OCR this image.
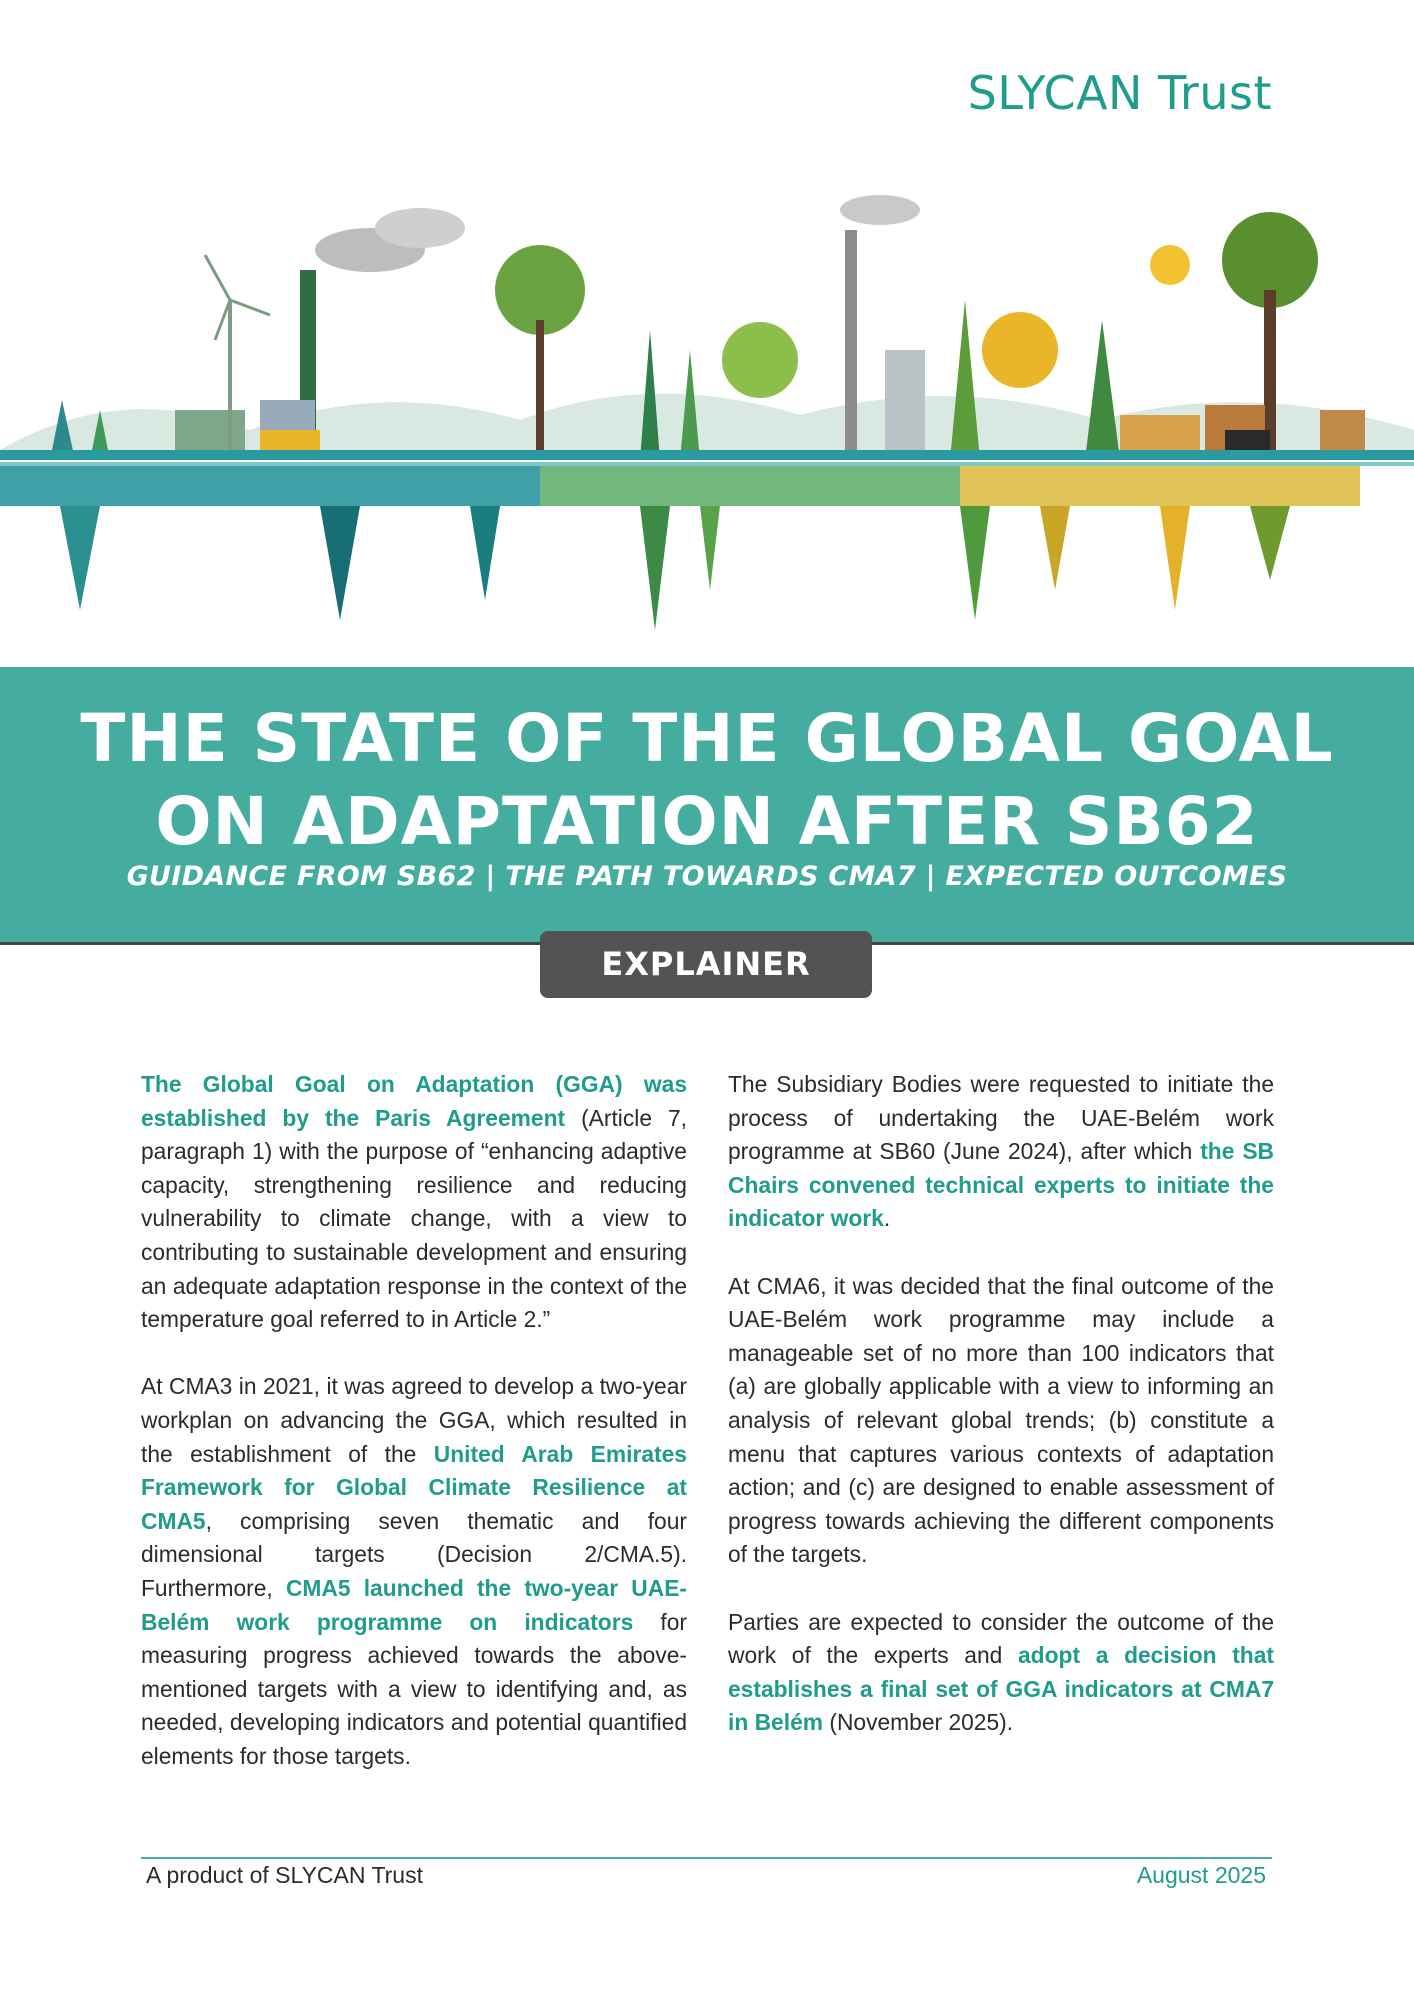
SLYCAN Trust
THE STATE OF THE GLOBAL GOAL
ON ADAPTATION AFTER SB62
GUIDANCE FROM SB62 | THE PATH TOWARDS CMA7 | EXPECTED OUTCOMES
EXPLAINER

The Global Goal on Adaptation (GGA) was established by the Paris Agreement (Article 7, paragraph 1) with the purpose of “enhancing adaptive capacity, strengthening resilience and reducing vulnerability to climate change, with a view to contributing to sustainable development and ensuring an adequate adaptation response in the context of the temperature goal referred to in Article 2.”

At CMA3 in 2021, it was agreed to develop a two-year workplan on advancing the GGA, which resulted in the establishment of the United Arab Emirates Framework for Global Climate Resilience at CMA5, comprising seven thematic and four dimensional targets (Decision 2/CMA.5). Furthermore, CMA5 launched the two-year UAE-Belém work programme on indicators for measuring progress achieved towards the above-mentioned targets with a view to identifying and, as needed, developing indicators and potential quantified elements for those targets.

The Subsidiary Bodies were requested to initiate the process of undertaking the UAE-Belém work programme at SB60 (June 2024), after which the SB Chairs convened technical experts to initiate the indicator work.

At CMA6, it was decided that the final outcome of the UAE-Belém work programme may include a manageable set of no more than 100 indicators that (a) are globally applicable with a view to informing an analysis of relevant global trends; (b) constitute a menu that captures various contexts of adaptation action; and (c) are designed to enable assessment of progress towards achieving the different components of the targets.

Parties are expected to consider the outcome of the work of the experts and adopt a decision that establishes a final set of GGA indicators at CMA7 in Belém (November 2025).

A product of SLYCAN Trust	August 2025
